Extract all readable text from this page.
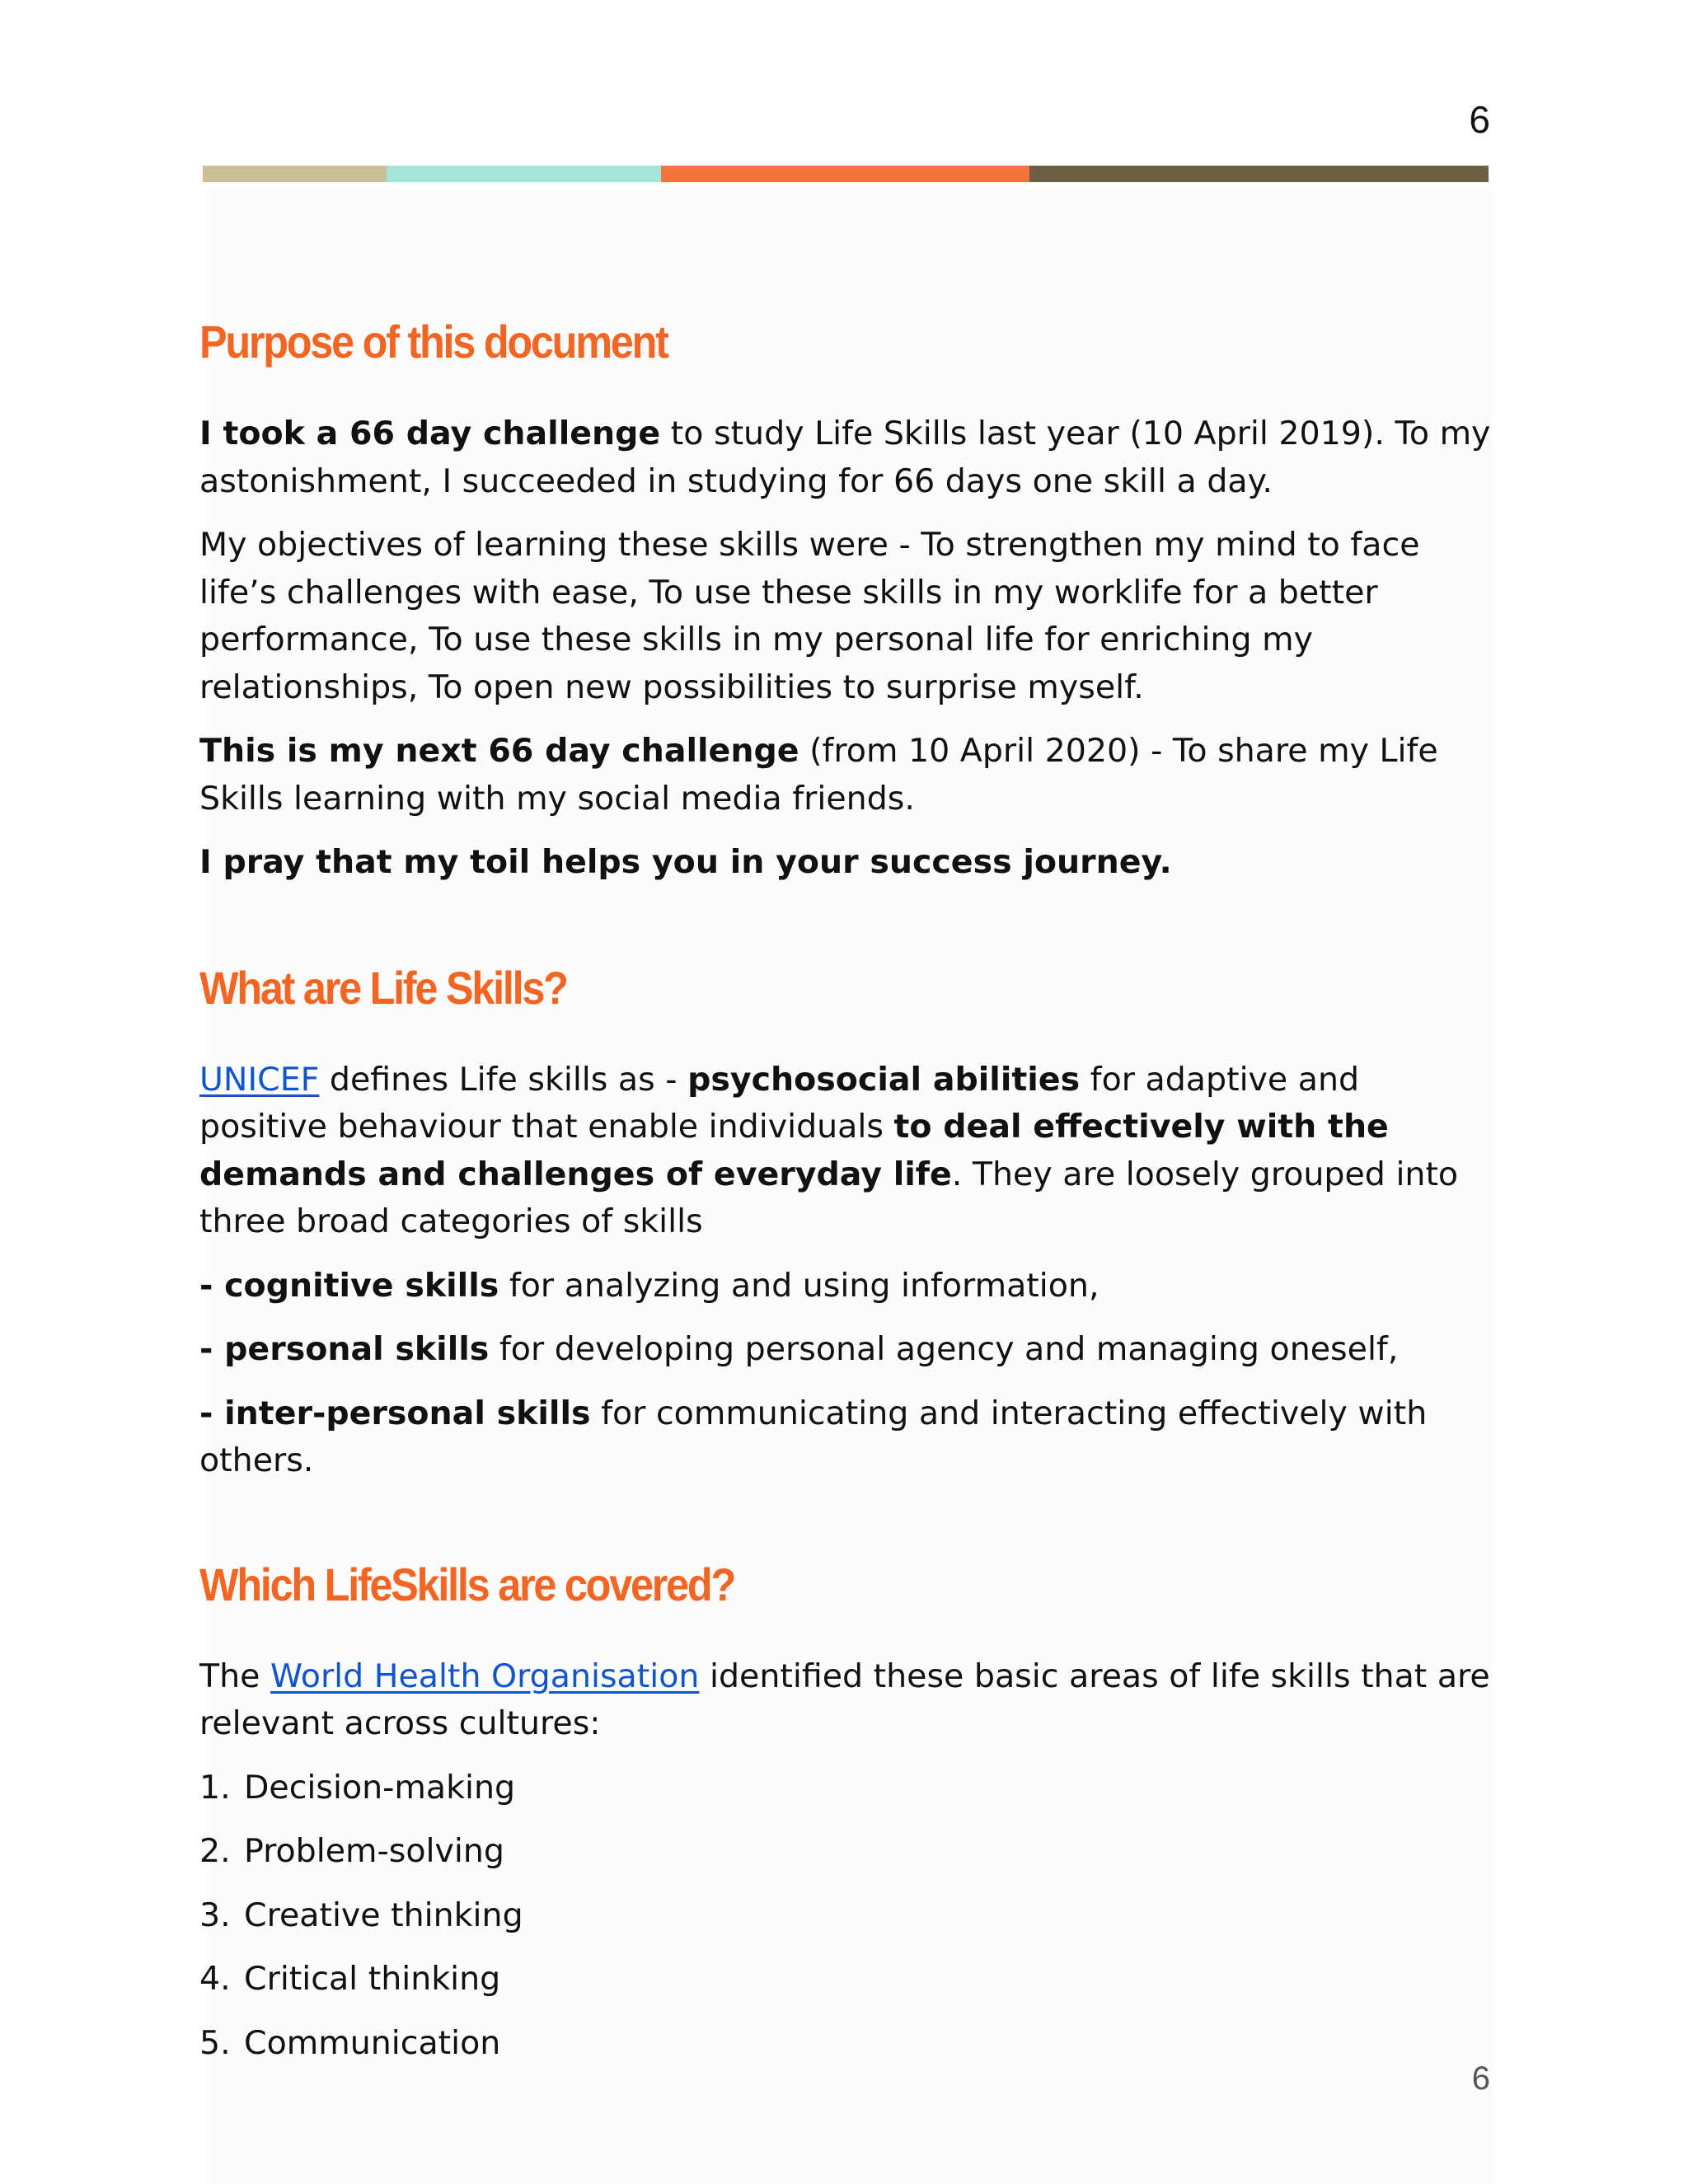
6
Purpose of this document

I took a 66 day challenge to study Life Skills last year (10 April 2019). To my astonishment, I succeeded in studying for 66 days one skill a day.

My objectives of learning these skills were - To strengthen my mind to face life’s challenges with ease, To use these skills in my worklife for a better performance, To use these skills in my personal life for enriching my relationships, To open new possibilities to surprise myself.

This is my next 66 day challenge (from 10 April 2020) - To share my Life Skills learning with my social media friends.

I pray that my toil helps you in your success journey.

What are Life Skills?

UNICEF defines Life skills as - psychosocial abilities for adaptive and positive behaviour that enable individuals to deal effectively with the demands and challenges of everyday life. They are loosely grouped into three broad categories of skills

- cognitive skills for analyzing and using information,

- personal skills for developing personal agency and managing oneself,

- inter-personal skills for communicating and interacting effectively with others.

Which LifeSkills are covered?

The World Health Organisation identified these basic areas of life skills that are relevant across cultures:

1. Decision-making
2. Problem-solving
3. Creative thinking
4. Critical thinking
5. Communication
6
